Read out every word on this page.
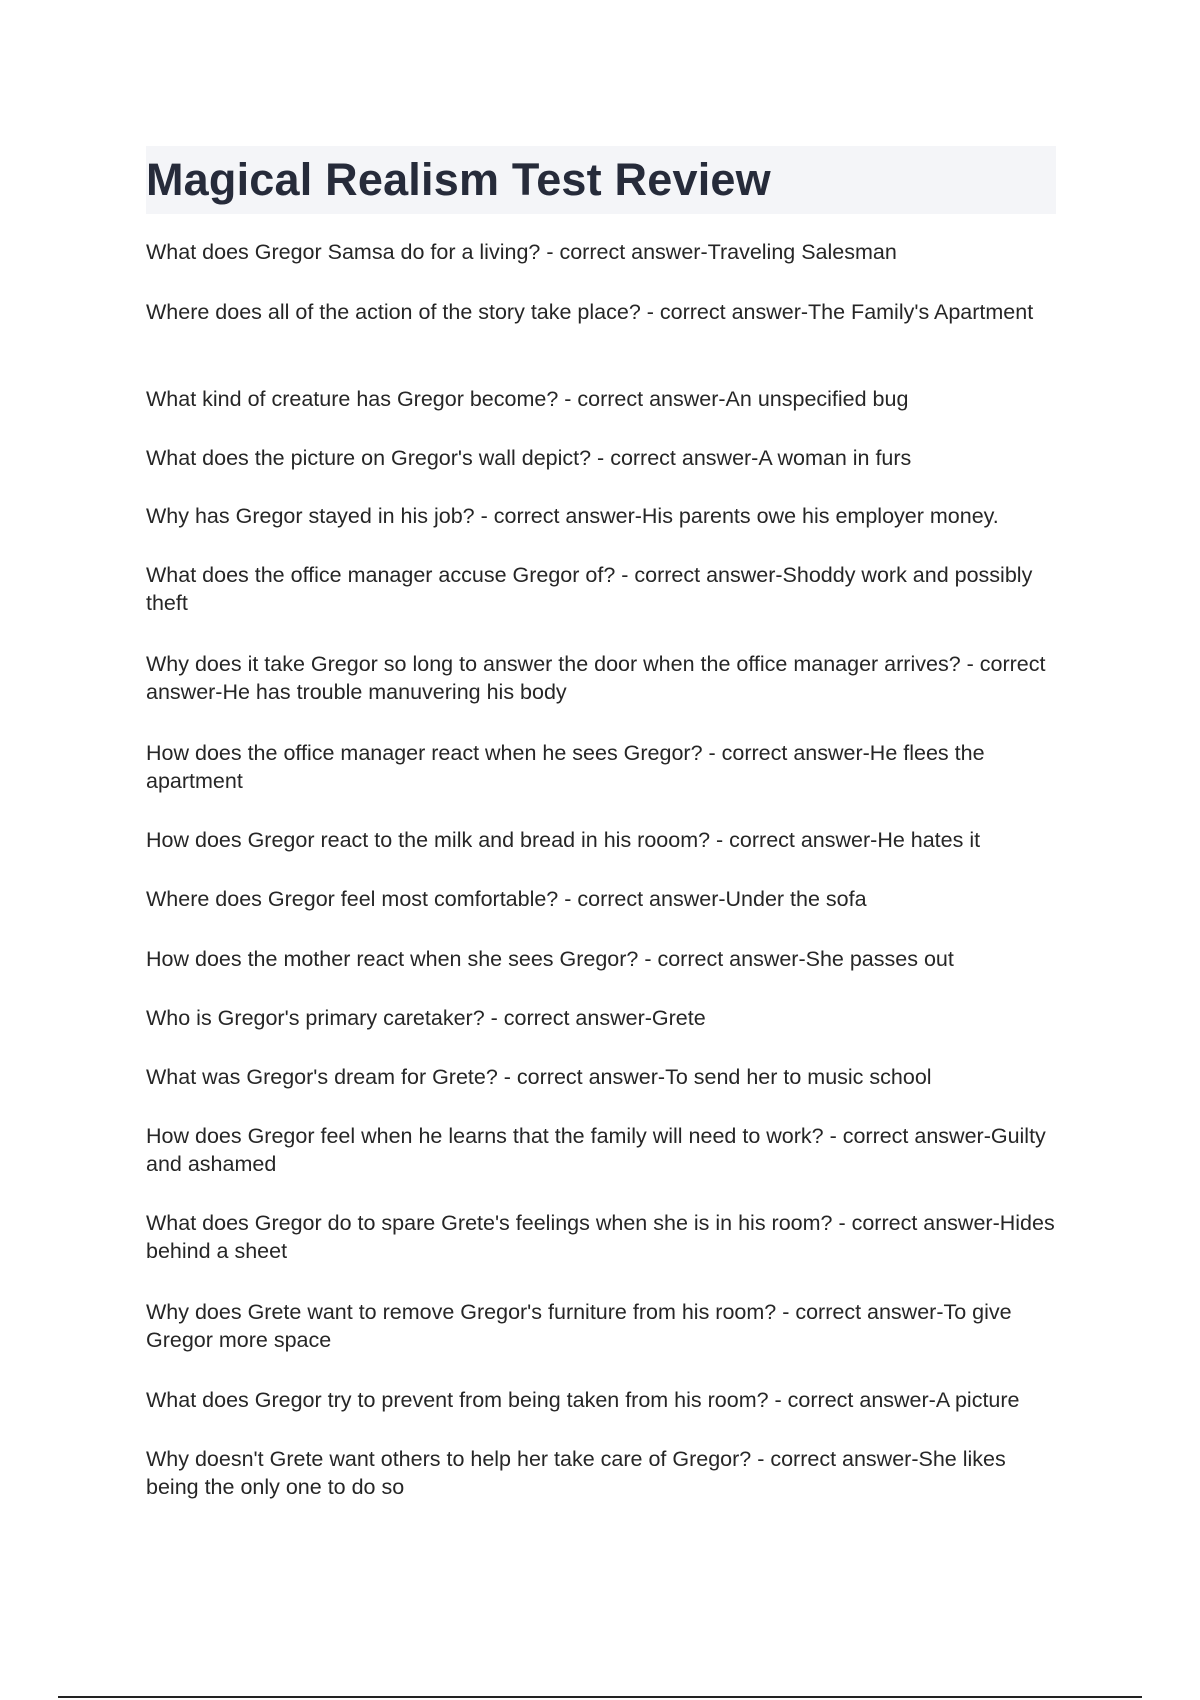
Magical Realism Test Review

What does Gregor Samsa do for a living? - correct answer-Traveling Salesman

Where does all of the action of the story take place? - correct answer-The Family's Apartment

What kind of creature has Gregor become? - correct answer-An unspecified bug

What does the picture on Gregor's wall depict? - correct answer-A woman in furs

Why has Gregor stayed in his job? - correct answer-His parents owe his employer money.

What does the office manager accuse Gregor of? - correct answer-Shoddy work and possibly theft

Why does it take Gregor so long to answer the door when the office manager arrives? - correct answer-He has trouble manuvering his body

How does the office manager react when he sees Gregor? - correct answer-He flees the apartment

How does Gregor react to the milk and bread in his rooom? - correct answer-He hates it

Where does Gregor feel most comfortable? - correct answer-Under the sofa

How does the mother react when she sees Gregor? - correct answer-She passes out

Who is Gregor's primary caretaker? - correct answer-Grete

What was Gregor's dream for Grete? - correct answer-To send her to music school

How does Gregor feel when he learns that the family will need to work? - correct answer-Guilty and ashamed

What does Gregor do to spare Grete's feelings when she is in his room? - correct answer-Hides behind a sheet

Why does Grete want to remove Gregor's furniture from his room? - correct answer-To give Gregor more space

What does Gregor try to prevent from being taken from his room? - correct answer-A picture

Why doesn't Grete want others to help her take care of Gregor? - correct answer-She likes being the only one to do so
